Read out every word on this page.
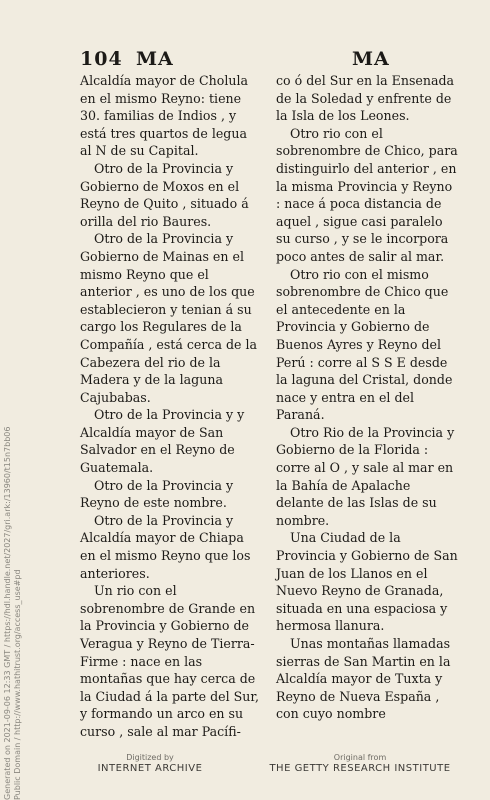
104 MA	MA

Alcaldía mayor de Cholula en el mismo Reyno: tiene 30. familias de Indios , y está tres quartos de legua al N de su Capital.

Otro de la Provincia y Gobierno de Moxos en el Reyno de Quito , situado á orilla del rio Baures.

Otro de la Provincia y Gobierno de Mainas en el mismo Reyno que el anterior , es uno de los que establecieron y tenian á su cargo los Regulares de la Compañía , está cerca de la Cabezera del rio de la Madera y de la laguna Cajubabas.

Otro de la Provincia y y Alcaldía mayor de San Salvador en el Reyno de Guatemala.

Otro de la Provincia y Reyno de este nombre.

Otro de la Provincia y Alcaldía mayor de Chiapa en el mismo Reyno que los anteriores.

Un rio con el sobrenombre de Grande en la Provincia y Gobierno de Veragua y Reyno de Tierra-Firme : nace en las montañas que hay cerca de la Ciudad á la parte del Sur, y formando un arco en su curso , sale al mar Pacífi-

co ó del Sur en la Ensenada de la Soledad y enfrente de la Isla de los Leones.

Otro rio con el sobrenombre de Chico, para distinguirlo del anterior , en la misma Provincia y Reyno : nace á poca distancia de aquel , sigue casi paralelo su curso , y se le incorpora poco antes de salir al mar.

Otro rio con el mismo sobrenombre de Chico que el antecedente en la Provincia y Gobierno de Buenos Ayres y Reyno del Perú : corre al S S E desde la laguna del Cristal, donde nace y entra en el del Paraná.

Otro Rio de la Provincia y Gobierno de la Florida : corre al O , y sale al mar en la Bahía de Apalache delante de las Islas de su nombre.

Una Ciudad de la Provincia y Gobierno de San Juan de los Llanos en el Nuevo Reyno de Granada, situada en una espaciosa y hermosa llanura.

Unas montañas llamadas sierras de San Martin en la Alcaldía mayor de Tuxta y Reyno de Nueva España , con cuyo nombre

Generated on 2021-09-06 12:33 GMT / https://hdl.handle.net/2027/gri.ark:/13960/t15n7bb06 Public Domain / http://www.hathitrust.org/access_use#pd	Digitized by
INTERNET ARCHIVE
Original from
THE GETTY RESEARCH INSTITUTE
